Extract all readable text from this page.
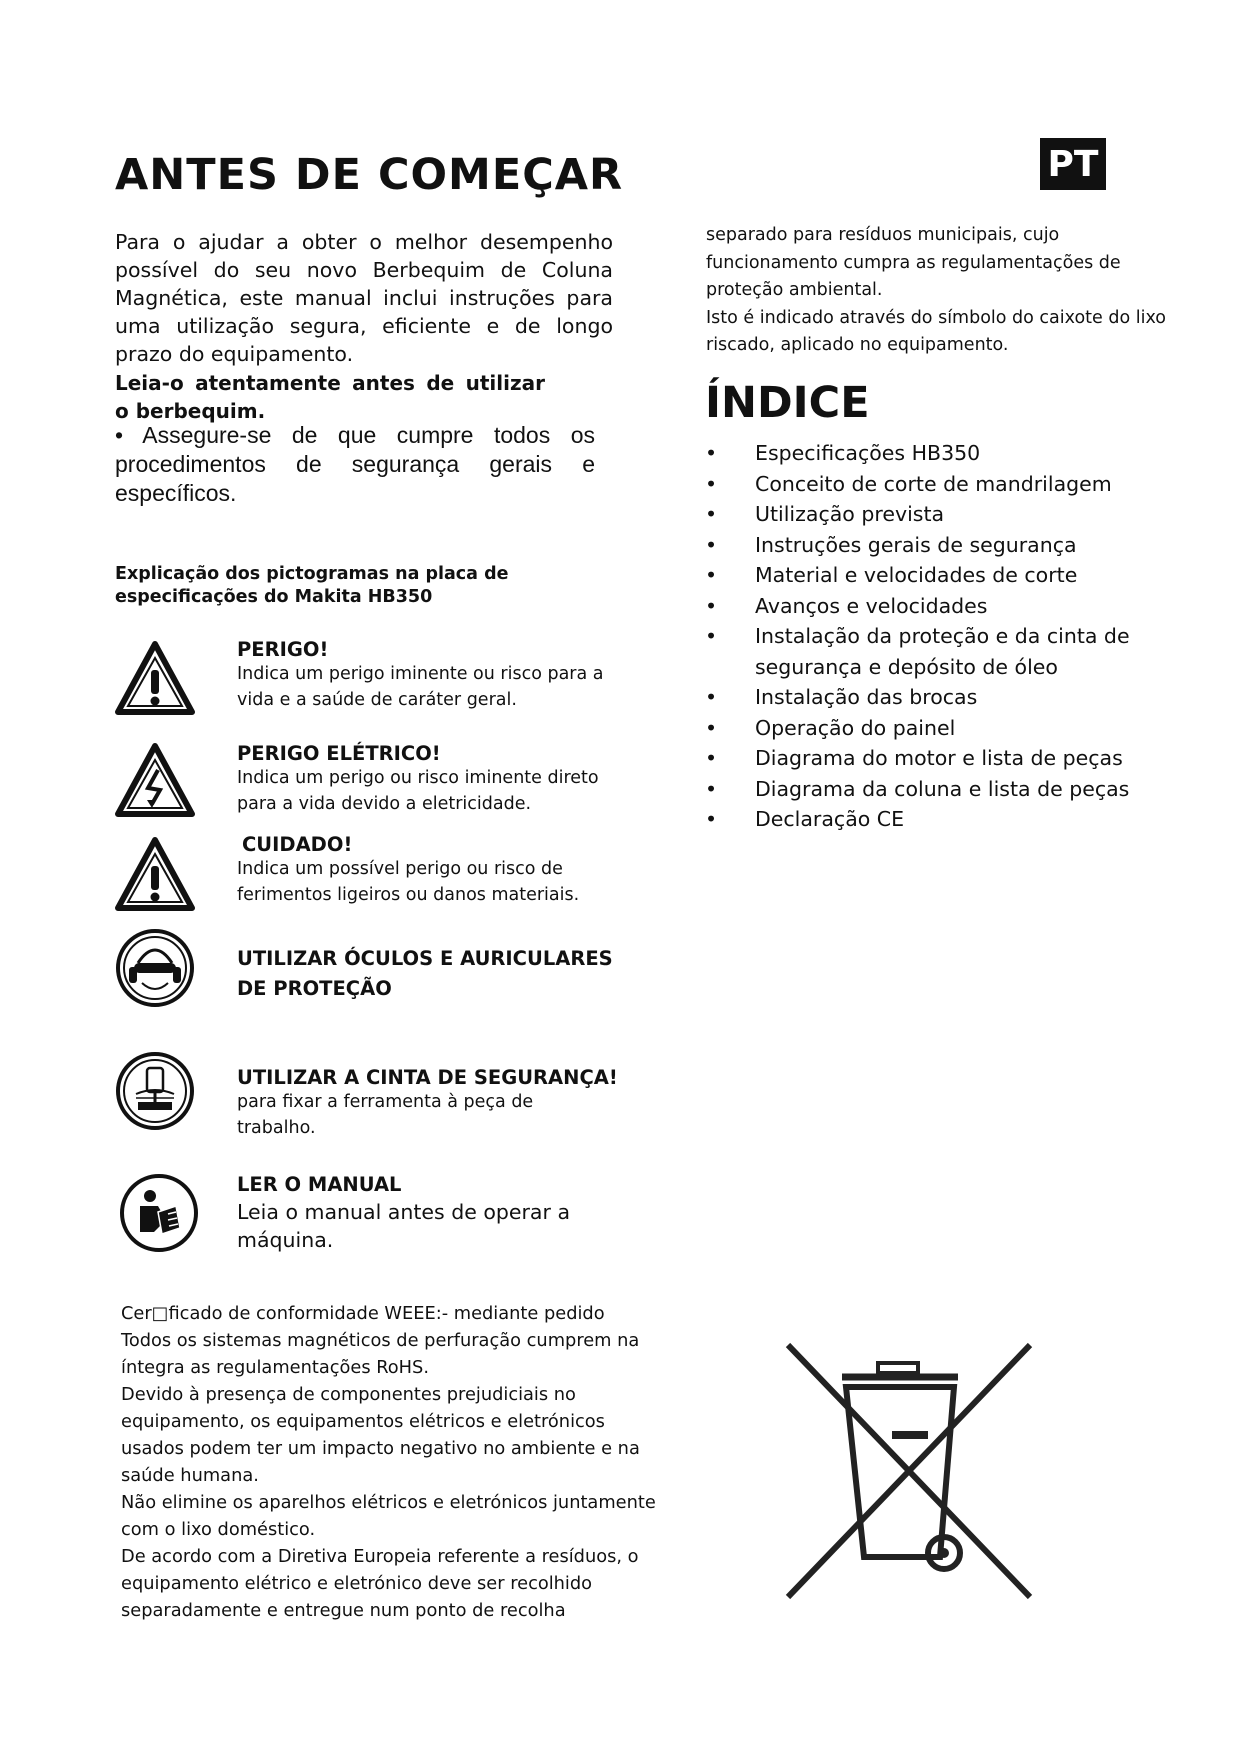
ANTES DE COMEÇAR	PT

Para o ajudar a obter o melhor desempenho possível do seu novo Berbequim de Coluna Magnética, este manual inclui instruções para uma utilização segura, eficiente e de longo prazo do equipamento.

Leia-o atentamente antes de utilizar o berbequim.

• Assegure-se de que cumpre todos os procedimentos de segurança gerais e específicos.

Explicação dos pictogramas na placa de especificações do Makita HB350

PERIGO!

Indica um perigo iminente ou risco para a vida e a saúde de caráter geral.

PERIGO ELÉTRICO!

Indica um perigo ou risco iminente direto para a vida devido a eletricidade.

CUIDADO!

Indica um possível perigo ou risco de ferimentos ligeiros ou danos materiais.

UTILIZAR ÓCULOS E AURICULARES DE PROTEÇÃO

UTILIZAR A CINTA DE SEGURANÇA!

para fixar a ferramenta à peça de trabalho.

LER O MANUAL

Leia o manual antes de operar a máquina.

Cer□ficado de conformidade WEEE:- mediante pedido
Todos os sistemas magnéticos de perfuração cumprem na íntegra as regulamentações RoHS.
Devido à presença de componentes prejudiciais no equipamento, os equipamentos elétricos e eletrónicos usados podem ter um impacto negativo no ambiente e na saúde humana.
Não elimine os aparelhos elétricos e eletrónicos juntamente com o lixo doméstico.
De acordo com a Diretiva Europeia referente a resíduos, o equipamento elétrico e eletrónico deve ser recolhido separadamente e entregue num ponto de recolha
separado para resíduos municipais, cujo funcionamento cumpra as regulamentações de proteção ambiental.
Isto é indicado através do símbolo do caixote do lixo riscado, aplicado no equipamento.
ÍNDICE
• Especificações HB350
• Conceito de corte de mandrilagem
• Utilização prevista
• Instruções gerais de segurança
• Material e velocidades de corte
• Avanços e velocidades
• Instalação da proteção e da cinta de segurança e depósito de óleo
• Instalação das brocas
• Operação do painel
• Diagrama do motor e lista de peças
• Diagrama da coluna e lista de peças
• Declaração CE
